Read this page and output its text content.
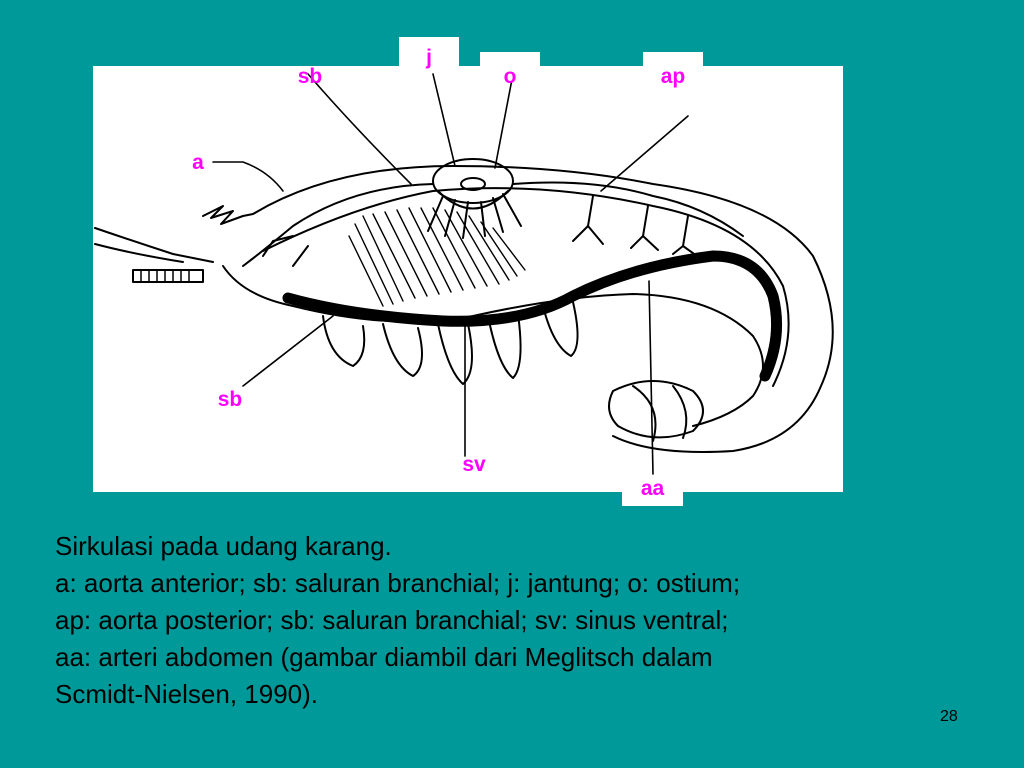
sb
j
o	ap
a
sb
sv
aa
Sirkulasi pada udang karang.
a: aorta anterior; sb: saluran branchial; j: jantung; o: ostium;
ap: aorta posterior; sb: saluran branchial; sv: sinus ventral;
aa: arteri abdomen (gambar diambil dari Meglitsch dalam
Scmidt-Nielsen, 1990).
28
